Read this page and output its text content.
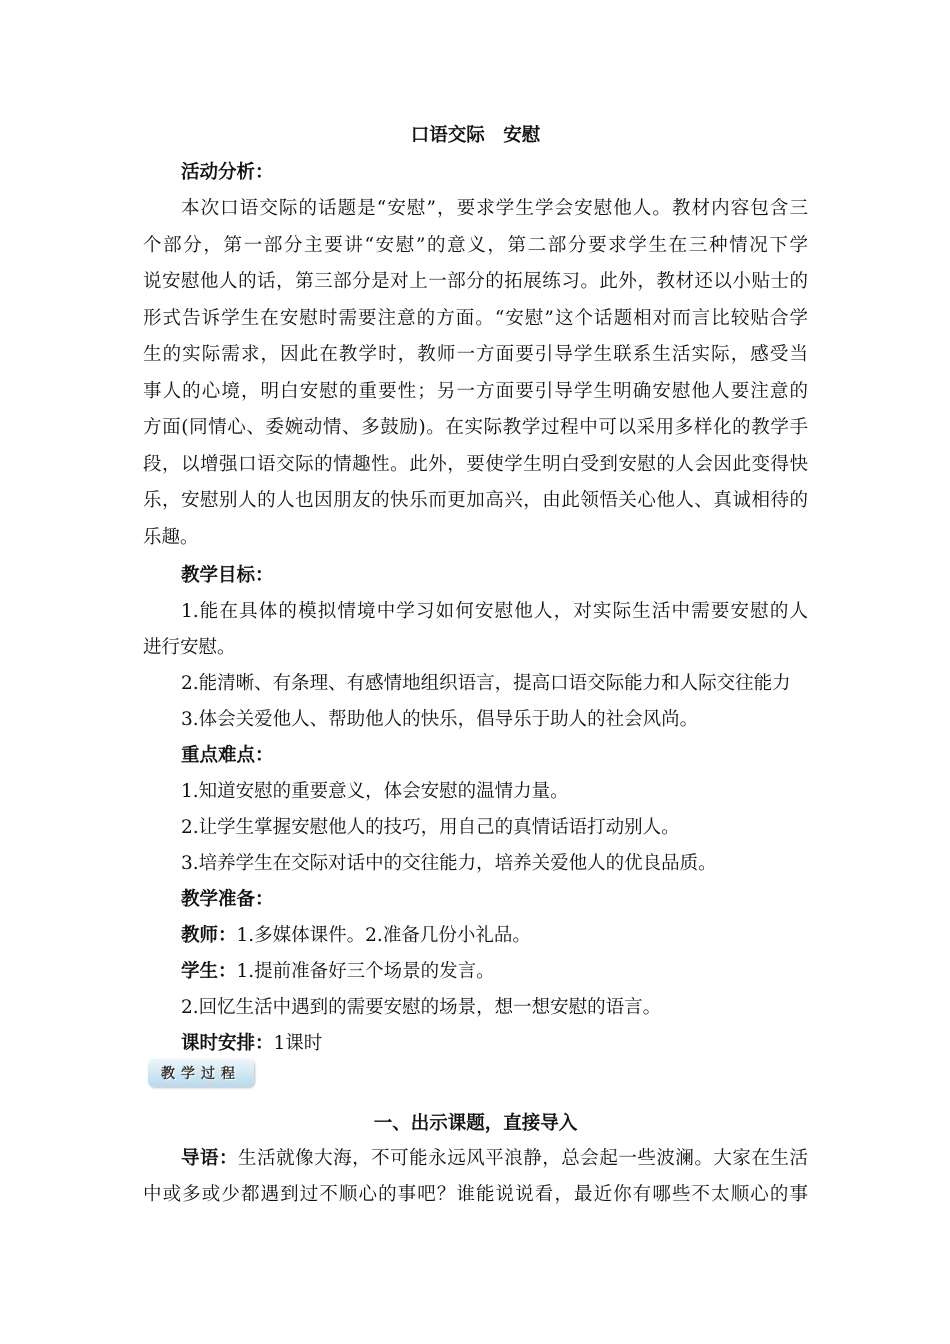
口语交际　安慰
活动分析：
本次口语交际的话题是“安慰”，要求学生学会安慰他人。教材内容包含三
个部分，第一部分主要讲“安慰”的意义，第二部分要求学生在三种情况下学
说安慰他人的话，第三部分是对上一部分的拓展练习。此外，教材还以小贴士的
形式告诉学生在安慰时需要注意的方面。“安慰”这个话题相对而言比较贴合学
生的实际需求，因此在教学时，教师一方面要引导学生联系生活实际，感受当
事人的心境，明白安慰的重要性；另一方面要引导学生明确安慰他人要注意的
方面(同情心、委婉动情、多鼓励)。在实际教学过程中可以采用多样化的教学手
段，以增强口语交际的情趣性。此外，要使学生明白受到安慰的人会因此变得快
乐，安慰别人的人也因朋友的快乐而更加高兴，由此领悟关心他人、真诚相待的
乐趣。
教学目标：
1.能在具体的模拟情境中学习如何安慰他人，对实际生活中需要安慰的人
进行安慰。
2.能清晰、有条理、有感情地组织语言，提高口语交际能力和人际交往能力
3.体会关爱他人、帮助他人的快乐，倡导乐于助人的社会风尚。
重点难点：
1.知道安慰的重要意义，体会安慰的温情力量。
2.让学生掌握安慰他人的技巧，用自己的真情话语打动别人。
3.培养学生在交际对话中的交往能力，培养关爱他人的优良品质。
教学准备：
教师：1.多媒体课件。2.准备几份小礼品。
学生：1.提前准备好三个场景的发言。
2.回忆生活中遇到的需要安慰的场景，想一想安慰的语言。
课时安排：1课时
教学过程
一、出示课题，直接导入
导语：生活就像大海，不可能永远风平浪静，总会起一些波澜。大家在生活
中或多或少都遇到过不顺心的事吧？谁能说说看，最近你有哪些不太顺心的事
